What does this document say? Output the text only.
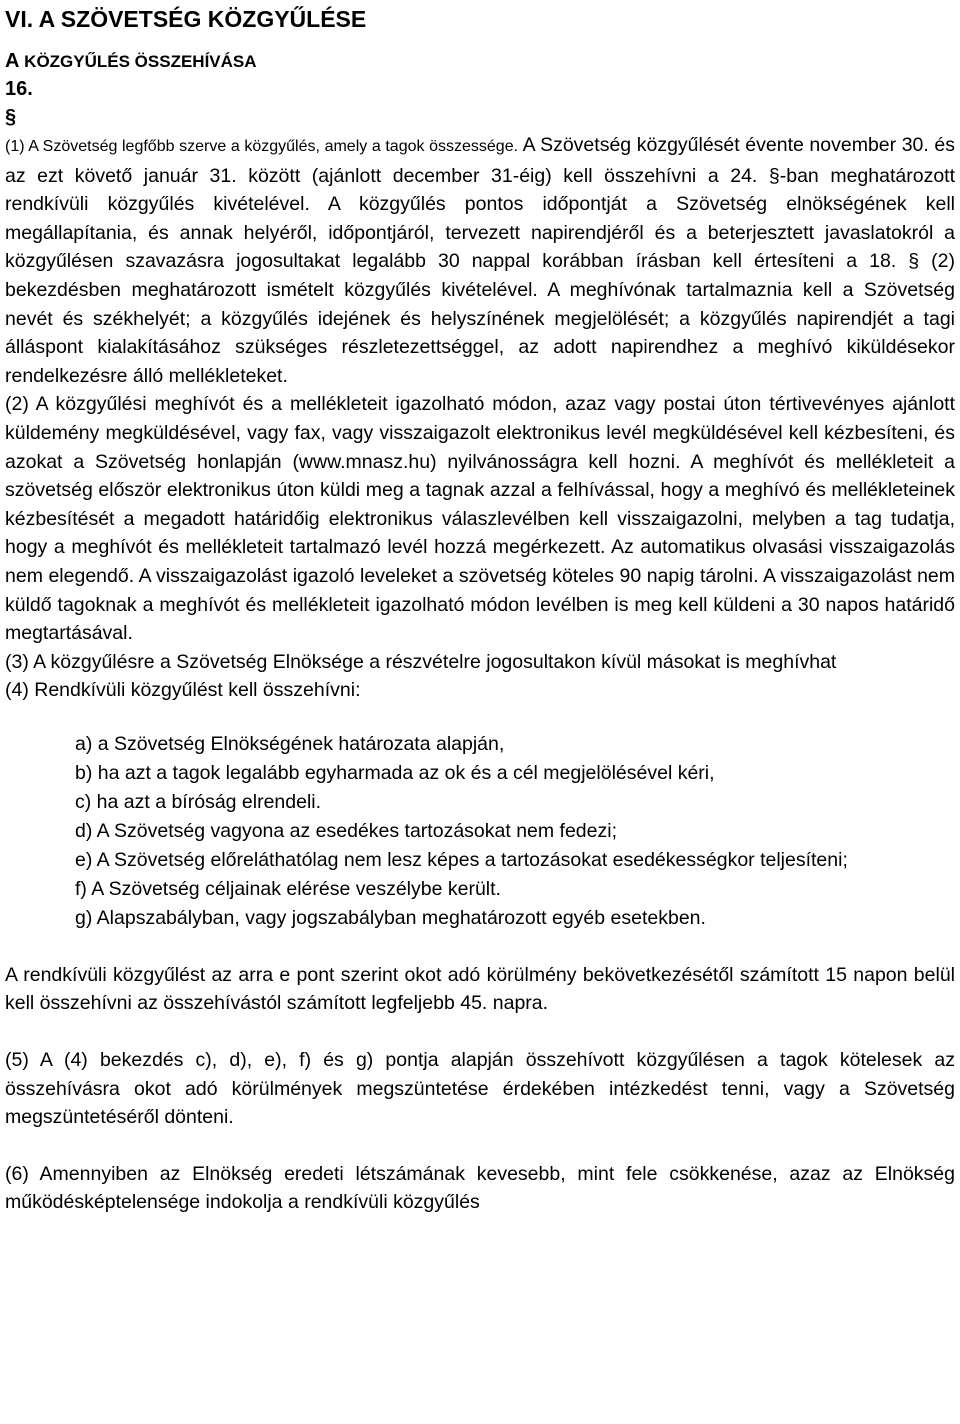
VI. A SZÖVETSÉG KÖZGYŰLÉSE
A KÖZGYŰLÉS ÖSSZEHÍVÁSA
16.
§

(1) A Szövetség legfőbb szerve a közgyűlés, amely a tagok összessége. A Szövetség közgyűlését évente november 30. és az ezt követő január 31. között (ajánlott december 31-éig) kell összehívni a 24. §-ban meghatározott rendkívüli közgyűlés kivételével. A közgyűlés pontos időpontját a Szövetség elnökségének kell megállapítania, és annak helyéről, időpontjáról, tervezett napirendjéről és a beterjesztett javaslatokról a közgyűlésen szavazásra jogosultakat legalább 30 nappal korábban írásban kell értesíteni a 18. § (2) bekezdésben meghatározott ismételt közgyűlés kivételével. A meghívónak tartalmaznia kell a Szövetség nevét és székhelyét; a közgyűlés idejének és helyszínének megjelölését; a közgyűlés napirendjét a tagi álláspont kialakításához szükséges részletezettséggel, az adott napirendhez a meghívó kiküldésekor rendelkezésre álló mellékleteket.

(2) A közgyűlési meghívót és a mellékleteit igazolható módon, azaz vagy postai úton tértivevényes ajánlott küldemény megküldésével, vagy fax, vagy visszaigazolt elektronikus levél megküldésével kell kézbesíteni, és azokat a Szövetség honlapján (www.mnasz.hu) nyilvánosságra kell hozni. A meghívót és mellékleteit a szövetség először elektronikus úton küldi meg a tagnak azzal a felhívással, hogy a meghívó és mellékleteinek kézbesítését a megadott határidőig elektronikus válaszlevélben kell visszaigazolni, melyben a tag tudatja, hogy a meghívót és mellékleteit tartalmazó levél hozzá megérkezett. Az automatikus olvasási visszaigazolás nem elegendő. A visszaigazolást igazoló leveleket a szövetség köteles 90 napig tárolni. A visszaigazolást nem küldő tagoknak a meghívót és mellékleteit igazolható módon levélben is meg kell küldeni a 30 napos határidő megtartásával.

(3) A közgyűlésre a Szövetség Elnöksége a részvételre jogosultakon kívül másokat is meghívhat

(4) Rendkívüli közgyűlést kell összehívni:

a) a Szövetség Elnökségének határozata alapján,
b) ha azt a tagok legalább egyharmada az ok és a cél megjelölésével kéri,
c) ha azt a bíróság elrendeli.
d) A Szövetség vagyona az esedékes tartozásokat nem fedezi;
e) A Szövetség előreláthatólag nem lesz képes a tartozásokat esedékességkor teljesíteni;
f) A Szövetség céljainak elérése veszélybe került.
g) Alapszabályban, vagy jogszabályban meghatározott egyéb esetekben.

A rendkívüli közgyűlést az arra e pont szerint okot adó körülmény bekövetkezésétől számított 15 napon belül kell összehívni az összehívástól számított legfeljebb 45. napra.

(5) A (4) bekezdés c), d), e), f) és g) pontja alapján összehívott közgyűlésen a tagok kötelesek az összehívásra okot adó körülmények megszüntetése érdekében intézkedést tenni, vagy a Szövetség megszüntetéséről dönteni.

(6) Amennyiben az Elnökség eredeti létszámának kevesebb, mint fele csökkenése, azaz az Elnökség működésképtelensége indokolja a rendkívüli közgyűlés
